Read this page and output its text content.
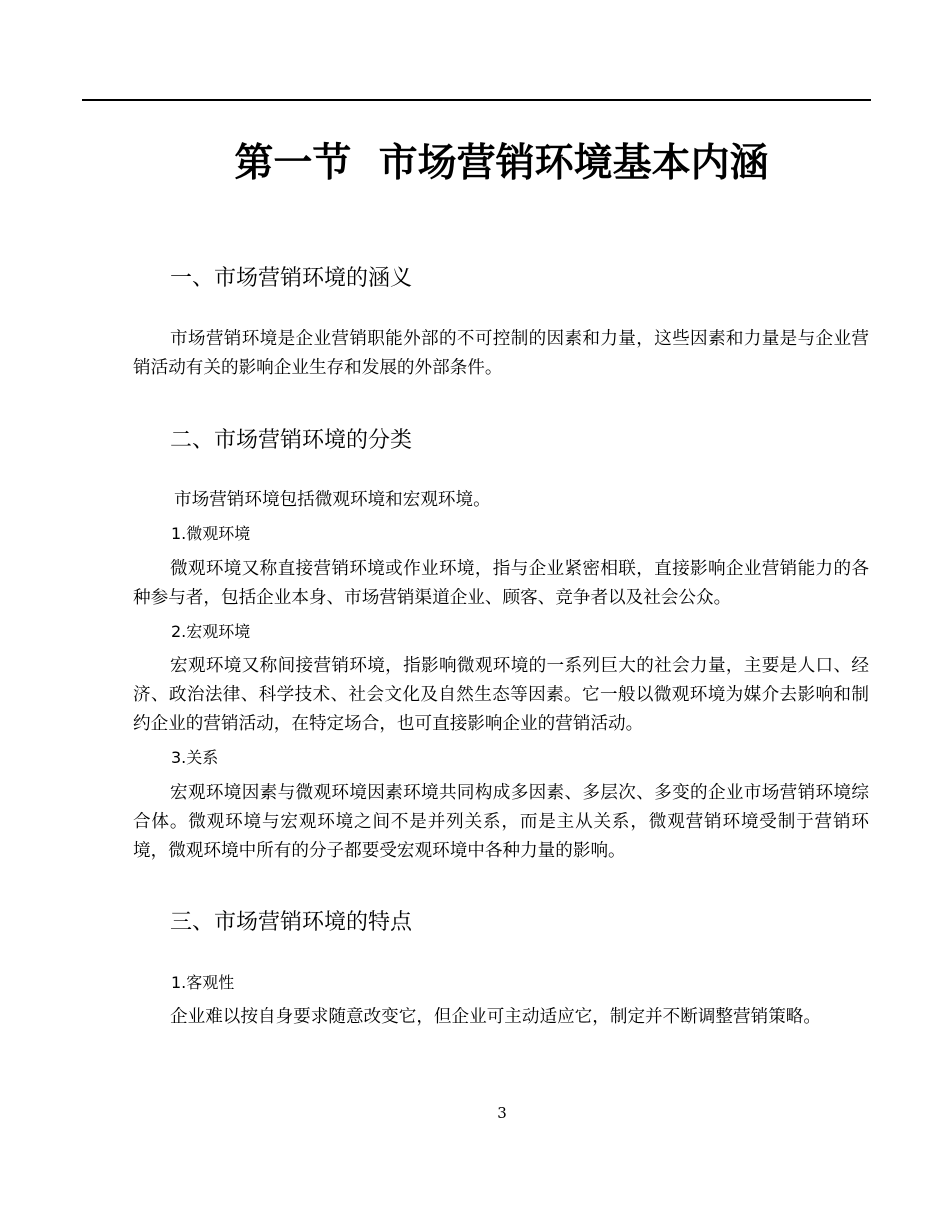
第一节  市场营销环境基本内涵
一、市场营销环境的涵义

市场营销环境是企业营销职能外部的不可控制的因素和力量，这些因素和力量是与企业营销活动有关的影响企业生存和发展的外部条件。

二、市场营销环境的分类

市场营销环境包括微观环境和宏观环境。

1.微观环境

微观环境又称直接营销环境或作业环境，指与企业紧密相联，直接影响企业营销能力的各种参与者，包括企业本身、市场营销渠道企业、顾客、竞争者以及社会公众。

2.宏观环境

宏观环境又称间接营销环境，指影响微观环境的一系列巨大的社会力量，主要是人口、经济、政治法律、科学技术、社会文化及自然生态等因素。它一般以微观环境为媒介去影响和制约企业的营销活动，在特定场合，也可直接影响企业的营销活动。

3.关系

宏观环境因素与微观环境因素环境共同构成多因素、多层次、多变的企业市场营销环境综合体。微观环境与宏观环境之间不是并列关系，而是主从关系，微观营销环境受制于营销环境，微观环境中所有的分子都要受宏观环境中各种力量的影响。

三、市场营销环境的特点
1.客观性

企业难以按自身要求随意改变它，但企业可主动适应它，制定并不断调整营销策略。

3
